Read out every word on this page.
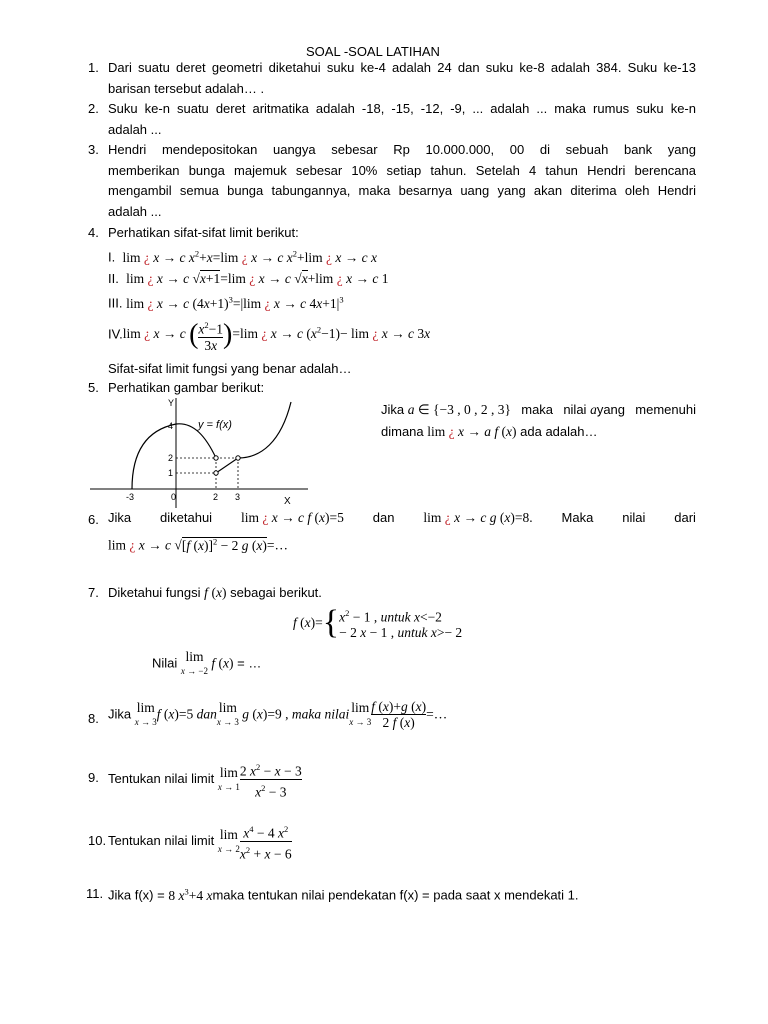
SOAL -SOAL LATIHAN
1. Dari suatu deret geometri diketahui suku ke-4 adalah 24 dan suku ke-8 adalah 384. Suku ke-13
barisan tersebut adalah… .
2. Suku ke-n suatu deret aritmatika adalah -18, -15, -12, -9, ... adalah ... maka rumus suku ke-n
adalah ...
3. Hendri mendepositokan uangya sebesar Rp 10.000.000, 00 di sebuah bank yang
memberikan bunga majemuk sebesar 10% setiap tahun. Setelah 4 tahun Hendri berencana
mengambil semua bunga tabungannya, maka besarnya uang yang akan diterima oleh Hendri
adalah ...
4. Perhatikan sifat-sifat limit berikut:
I. lim ¿ x → c $x^2+x=\lim$ ¿ x → c $x^2+\lim$ ¿ x → c x
II. lim ¿ x → c √x+1=lim ¿ x → c √x+lim ¿ x → c 1
III. lim ¿ x → c $(4x+1)^3=|\lim$ ¿ x → c $4x+1|^3$
IV.lim ¿ x → c ( $\frac{x^2-1}{3x} )=\lim$ ¿ x → c $(x^2-1)- \lim$ ¿ x → c 3x
Sifat-sifat limit fungsi yang benar adalah…
5. Perhatikan gambar berikut:
Y
X
4
2
1
-3	0	2 3
y = f(x)
Jika a ∈ {−3 , 0 , 2 , 3} maka nilai ayang memenuhi
dimana lim ¿ x → a f (x) ada adalah…
6. Jika diketahui lim ¿ x → c f (x)=5 dan lim ¿ x → c g (x)=8. Maka nilai dari
lim ¿ x → c √[f (x)]$^2$ − 2 g (x)=…
7. Diketahui fungsi f (x) sebagai berikut.
f (x)={ $x^2 - 1$ , untuk x<−2
− 2 x − 1 , untuk x>− 2
Nilai lim
x → −2
f (x) = …
8. Jika lim
x → 3
f (x)=5 dan lim
x → 3
g (x)=9 , maka nilai lim
$x \to 3 \frac{f (x)+g (x)}{2 f (x)}$ =…
9. Tentukan nilai limit lim
$x \to 1 \frac{2 x^2 - x - 3}{x^2 - 3}$
10. Tentukan nilai limit lim
$x \to 2 \frac{x^4 - 4 x^2}{x^2 + x - 6}$
11. Jika f(x) = 8 $x^3+4$ xmaka tentukan nilai pendekatan f(x) = pada saat x mendekati 1.
